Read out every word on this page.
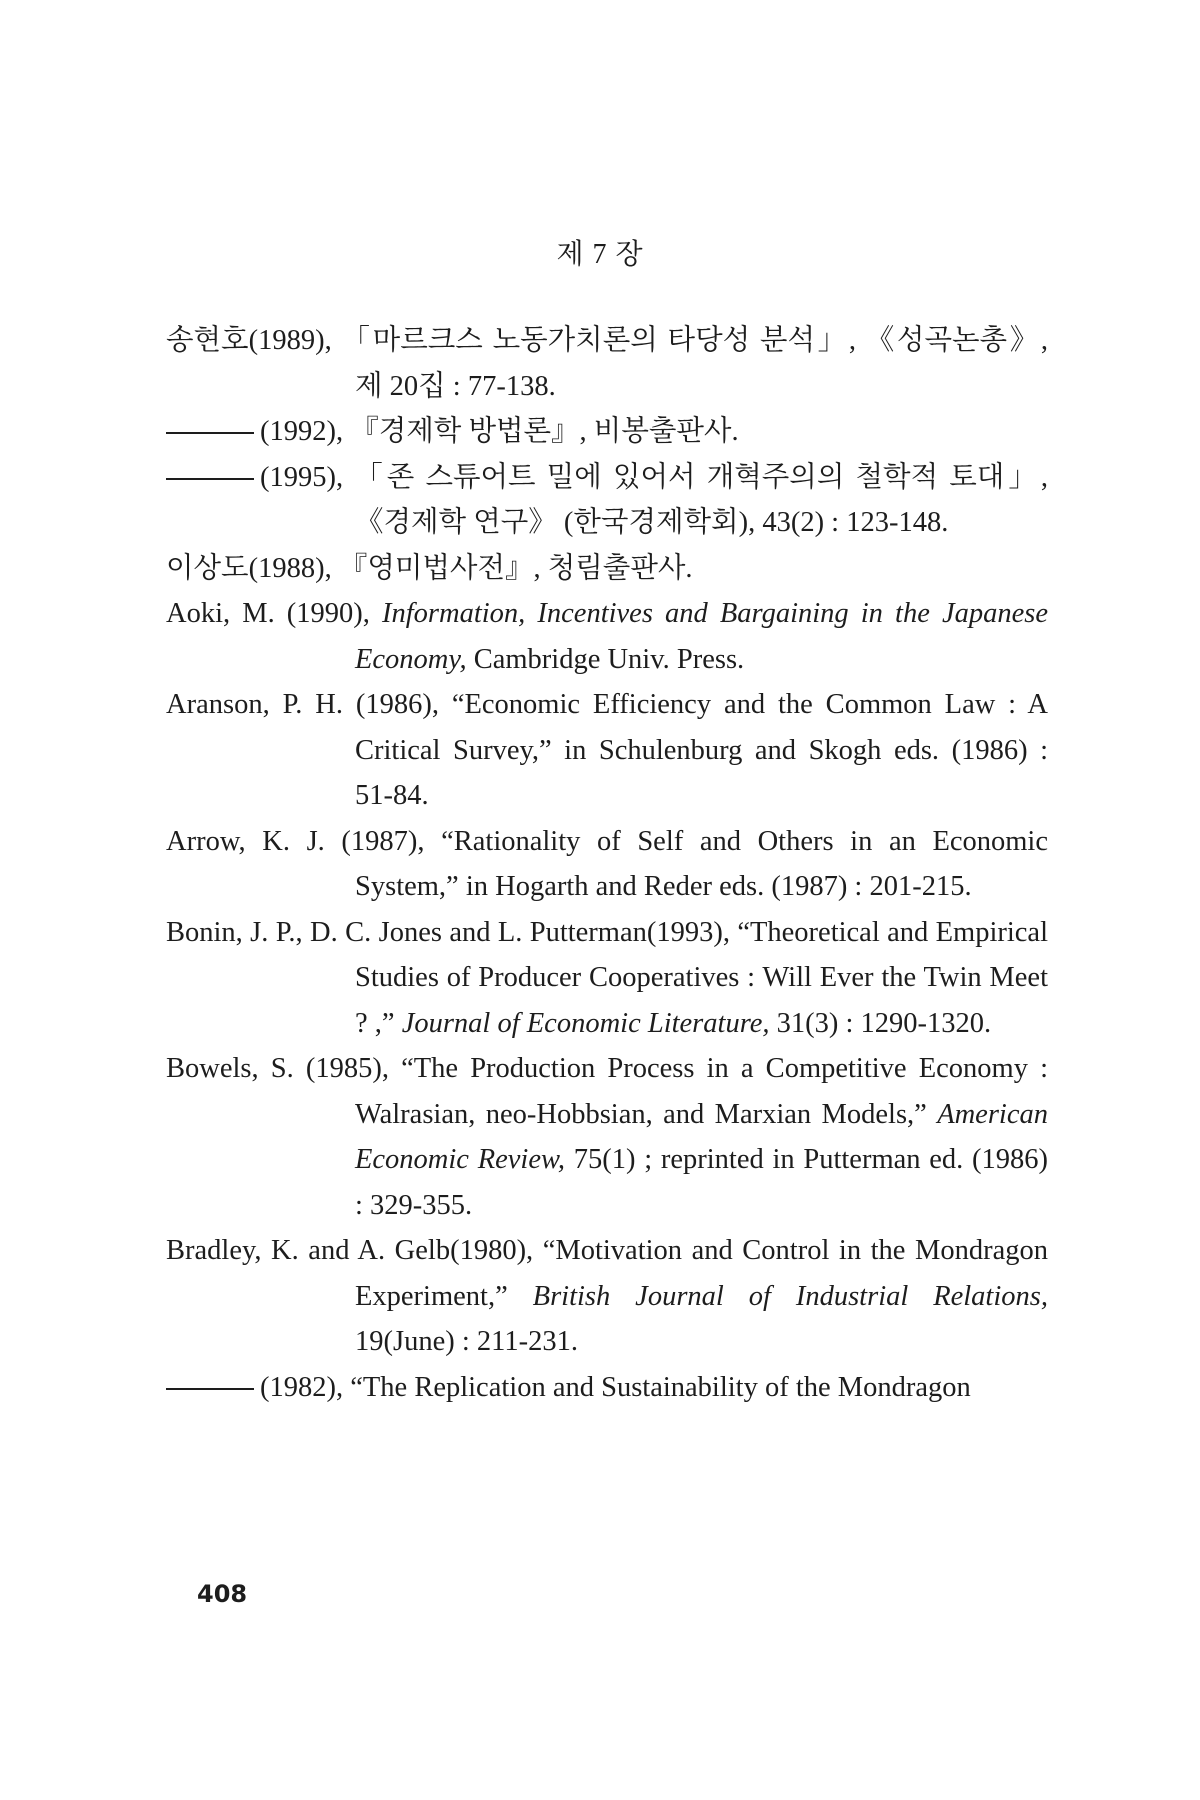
제 7 장

송현호(1989), 「마르크스 노동가치론의 타당성 분석」, 《성곡논총》, 제 20집 : 77-138.

(1992), 『경제학 방법론』, 비봉출판사.

(1995), 「존 스튜어트 밀에 있어서 개혁주의의 철학적 토대」, 《경제학 연구》 (한국경제학회), 43(2) : 123-148.

이상도(1988), 『영미법사전』, 청림출판사.

Aoki, M. (1990), Information, Incentives and Bargaining in the Japanese Economy, Cambridge Univ. Press.

Aranson, P. H. (1986), “Economic Efficiency and the Common Law : A Critical Survey,” in Schulenburg and Skogh eds. (1986) : 51-84.

Arrow, K. J. (1987), “Rationality of Self and Others in an Economic System,” in Hogarth and Reder eds. (1987) : 201-215.

Bonin, J. P., D. C. Jones and L. Putterman(1993), “Theoretical and Empirical Studies of Producer Cooperatives : Will Ever the Twin Meet ? ,” Journal of Economic Literature, 31(3) : 1290-1320.

Bowels, S. (1985), “The Production Process in a Competitive Economy : Walrasian, neo-Hobbsian, and Marxian Models,” American Economic Review, 75(1) ; reprinted in Putterman ed. (1986) : 329-355.

Bradley, K. and A. Gelb(1980), “Motivation and Control in the Mondragon Experiment,” British Journal of Industrial Relations, 19(June) : 211-231.

(1982), “The Replication and Sustainability of the Mondragon

408
